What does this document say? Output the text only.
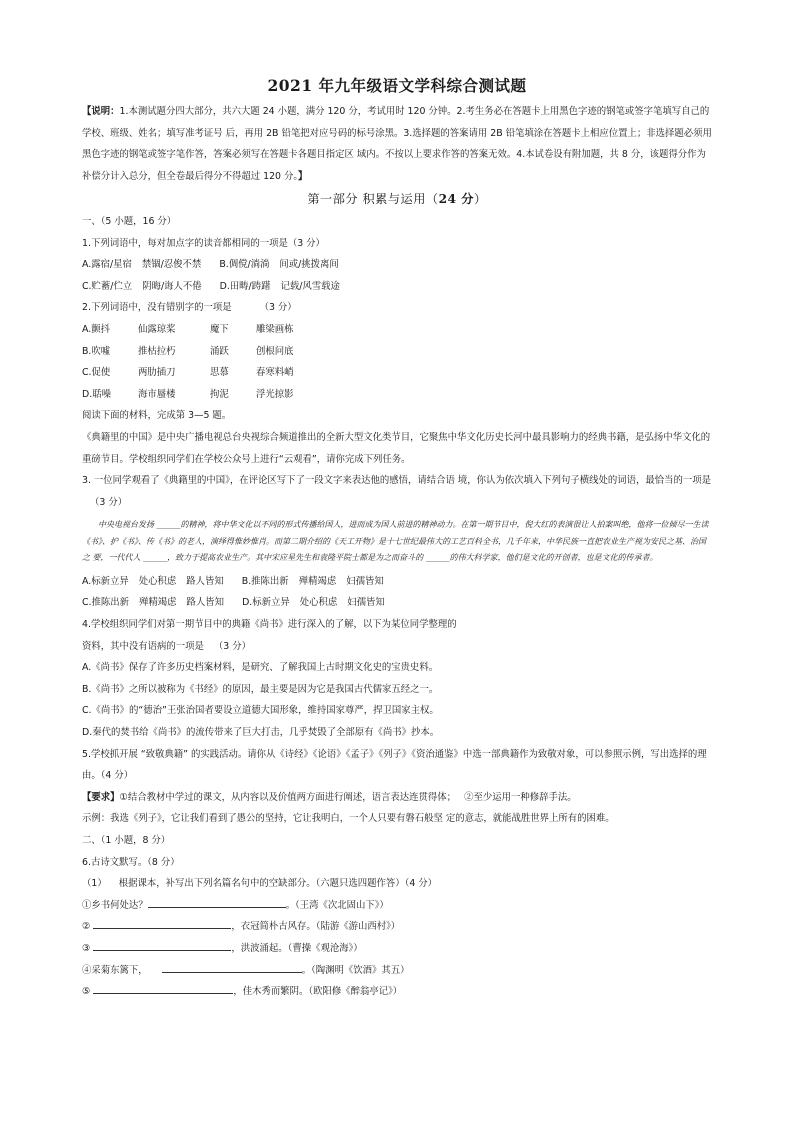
2021 年九年级语文学科综合测试题

【说明：1.本测试题分四大部分，共六大题 24 小题，满分 120 分，考试用时 120 分钟。2.考生务必在答题卡上用黑色字迹的钢笔或签字笔填写自己的学校、班级、姓名；填写准考证号 后，再用 2B 铅笔把对应号码的标号涂黑。3.选择题的答案请用 2B 铅笔填涂在答题卡上相应位置上；非选择题必须用黑色字迹的钢笔或签字笔作答，答案必须写在答题卡各题目指定区 域内。不按以上要求作答的答案无效。4.本试卷设有附加题，共 8 分，该题得分作为补偿分计入总分，但全卷最后得分不得超过 120 分。】

第一部分 积累与运用（24 分）

一、（5 小题，16 分）

1.下列词语中，每对加点字的读音都相同的一项是（3 分）

A.露宿/星宿 禁锢/忍俊不禁 B.倜傥/淌淌 间或/挑拨离间

C.贮蓄/伫立 阴晦/诲人不倦 D.田畴/踌躇 记载/风雪载途

2.下列词语中，没有错别字的一项是	（3 分）

A.颤抖	仙露琼桨	魔下	雕梁画栋

B.吹噓	推枯拉朽	涌跃	创根问底

C.促使	两肋插刀	思慕	春寒料峭

D.聒噪	海市蜃楼	拘泥	浮光掠影

阅读下面的材料，完成第 3—5 题。

《典籍里的中国》是中央广播电视总台央视综合频道推出的全新大型文化类节目，它聚焦中华文化历史长河中最具影响力的经典书籍，是弘扬中华文化的重磅节目。学校组织同学们在学校公众号上进行“云观看”，请你完成下列任务。

3. 一位同学观看了《典籍里的中国》，在评论区写下了一段文字来表达他的感悟，请结合语 境，你认为依次填入下列句子横线处的词语，最恰当的一项是（3 分）

中央电视台发扬 ______的精神，将中华文化以不同的形式传播给国人，进而成为国人前进的精神动力。在第一期节目中，倪大红的表演很让人拍案叫绝，他将一位倾尽一生读 《书》、护《书》、传《书》的老人，演绎得惟妙惟肖。而第二期介绍的《天工开物》是十七世纪最伟大的工艺百科全书，几千年来，中华民族一直把农业生产视为安民之基、治国之 要，一代代人 ______，致力于提高农业生产。其中宋应星先生和袁隆平院士都是为之而奋斗的 ______的伟大科学家，他们是文化的开创者，也是文化的传承者。

A.标新立异 处心积虑 路人皆知 B.推陈出新 殚精竭虑 妇孺皆知

C.推陈出新 殚精竭虑 路人皆知 D.标新立异 处心积虑 妇孺皆知

4.学校组织同学们对第一期节目中的典籍《尚书》进行深入的了解，以下为某位同学整理的

资料，其中没有语病的一项是 （3 分）

A.《尚书》保存了许多历史档案材料，是研究、了解我国上古时期文化史的宝贵史料。

B.《尚书》之所以被称为《书经》的原因，最主要是因为它是我国古代儒家五经之一。

C.《尚书》的“德治”王张治国者要设立道德大国形象，维持国家尊严，捍卫国家主权。

D.秦代的焚书给《尚书》的流传带来了巨大打击，几乎焚毁了全部原有《尚书》抄本。

5.学校抓开展 “致敬典籍” 的实践活动。请你从《诗经》《论语》《孟子》《列子》《资治通鉴》中选一部典籍作为致敬对象，可以参照示例，写出选择的理由。（4 分）

【要求】①结合教材中学过的课文，从内容以及价值两方面进行阐述，语言表达连贯得体； ②至少运用一种修辞手法。

示例：我选《列子》，它让我们看到了愚公的坚持，它让我明白，一个人只要有磐石般坚 定的意志，就能战胜世界上所有的困难。

二、（1 小题，8 分）

6.古诗文默写。（8 分）

（1） 根据课本，补写出下列名篇名句中的空缺部分。（六题只选四题作答）（4 分）

①乡书何处达？	。（王湾《次北固山下》）

②	，衣冠简朴古风存。（陆游《游山西村》）

③	，洪波涌起。（曹操《观沧海》）

④采菊东篱下，	。（陶渊明《饮酒》其五）

⑤	，佳木秀而繁阴。（欧阳修《醉翁亭记》）
